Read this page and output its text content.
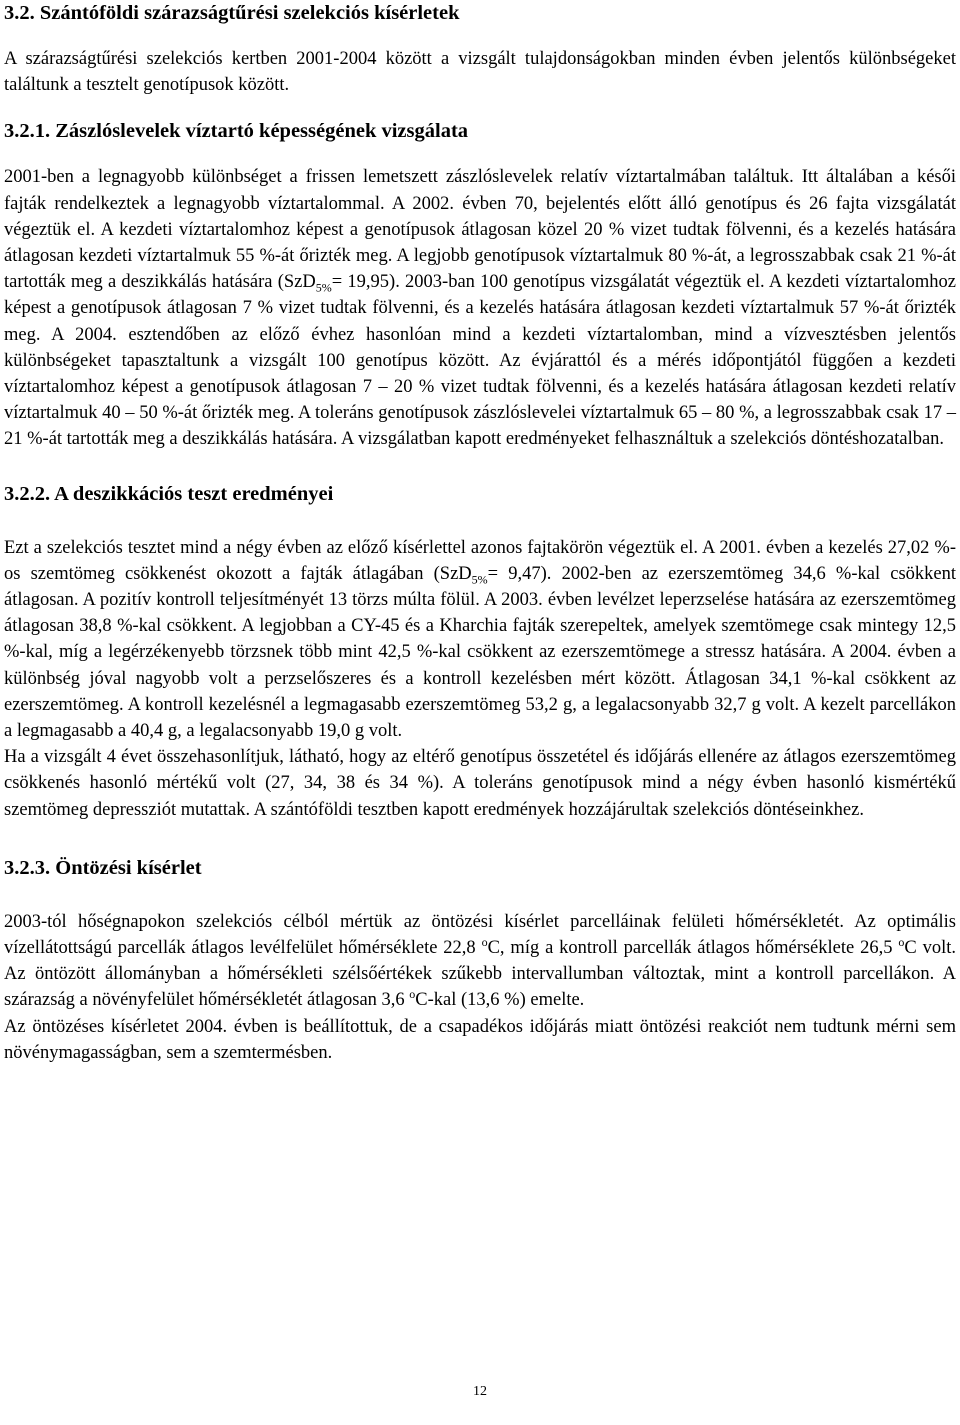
3.2. Szántóföldi szárazságtűrési szelekciós kísérletek

A szárazságtűrési szelekciós kertben 2001-2004 között a vizsgált tulajdonságokban minden évben jelentős különbségeket találtunk a tesztelt genotípusok között.

3.2.1. Zászlóslevelek víztartó képességének vizsgálata

2001-ben a legnagyobb különbséget a frissen lemetszett zászlóslevelek relatív víztartalmában találtuk. Itt általában a késői fajták rendelkeztek a legnagyobb víztartalommal. A 2002. évben 70, bejelentés előtt álló genotípus és 26 fajta vizsgálatát végeztük el. A kezdeti víztartalomhoz képest a genotípusok átlagosan közel 20 % vizet tudtak fölvenni, és a kezelés hatására átlagosan kezdeti víztartalmuk 55 %-át őrizték meg. A legjobb genotípusok víztartalmuk 80 %-át, a legrosszabbak csak 21 %-át tartották meg a deszikkálás hatására (SzD$_{5\%}$= 19,95). 2003-ban 100 genotípus vizsgálatát végeztük el. A kezdeti víztartalomhoz képest a genotípusok átlagosan 7 % vizet tudtak fölvenni, és a kezelés hatására átlagosan kezdeti víztartalmuk 57 %-át őrizték meg. A 2004. esztendőben az előző évhez hasonlóan mind a kezdeti víztartalomban, mind a vízvesztésben jelentős különbségeket tapasztaltunk a vizsgált 100 genotípus között. Az évjárattól és a mérés időpontjától függően a kezdeti víztartalomhoz képest a genotípusok átlagosan 7 – 20 % vizet tudtak fölvenni, és a kezelés hatására átlagosan kezdeti relatív víztartalmuk 40 – 50 %-át őrizték meg. A toleráns genotípusok zászlóslevelei víztartalmuk 65 – 80 %, a legrosszabbak csak 17 – 21 %-át tartották meg a deszikkálás hatására. A vizsgálatban kapott eredményeket felhasználtuk a szelekciós döntéshozatalban.

3.2.2. A deszikkációs teszt eredményei

Ezt a szelekciós tesztet mind a négy évben az előző kísérlettel azonos fajtakörön végeztük el. A 2001. évben a kezelés 27,02 %-os szemtömeg csökkenést okozott a fajták átlagában (SzD$_{5\%}$= 9,47). 2002-ben az ezerszemtömeg 34,6 %-kal csökkent átlagosan. A pozitív kontroll teljesítményét 13 törzs múlta fölül. A 2003. évben levélzet leperzselése hatására az ezerszemtömeg átlagosan 38,8 %-kal csökkent. A legjobban a CY-45 és a Kharchia fajták szerepeltek, amelyek szemtömege csak mintegy 12,5 %-kal, míg a legérzékenyebb törzsnek több mint 42,5 %-kal csökkent az ezerszemtömege a stressz hatására. A 2004. évben a különbség jóval nagyobb volt a perzselőszeres és a kontroll kezelésben mért között. Átlagosan 34,1 %-kal csökkent az ezerszemtömeg. A kontroll kezelésnél a legmagasabb ezerszemtömeg 53,2 g, a legalacsonyabb 32,7 g volt. A kezelt parcellákon a legmagasabb a 40,4 g, a legalacsonyabb 19,0 g volt.

Ha a vizsgált 4 évet összehasonlítjuk, látható, hogy az eltérő genotípus összetétel és időjárás ellenére az átlagos ezerszemtömeg csökkenés hasonló mértékű volt (27, 34, 38 és 34 %). A toleráns genotípusok mind a négy évben hasonló kismértékű szemtömeg depressziót mutattak. A szántóföldi tesztben kapott eredmények hozzájárultak szelekciós döntéseinkhez.

3.2.3. Öntözési kísérlet

2003-tól hőségnapokon szelekciós célból mértük az öntözési kísérlet parcelláinak felületi hőmérsékletét. Az optimális vízellátottságú parcellák átlagos levélfelület hőmérséklete 22,8 $^o$C, míg a kontroll parcellák átlagos hőmérséklete 26,5 $^o$C volt. Az öntözött állományban a hőmérsékleti szélsőértékek szűkebb intervallumban változtak, mint a kontroll parcellákon. A szárazság a növényfelület hőmérsékletét átlagosan 3,6 $^o$C-kal (13,6 %) emelte.

Az öntözéses kísérletet 2004. évben is beállítottuk, de a csapadékos időjárás miatt öntözési reakciót nem tudtunk mérni sem növénymagasságban, sem a szemtermésben.

12
